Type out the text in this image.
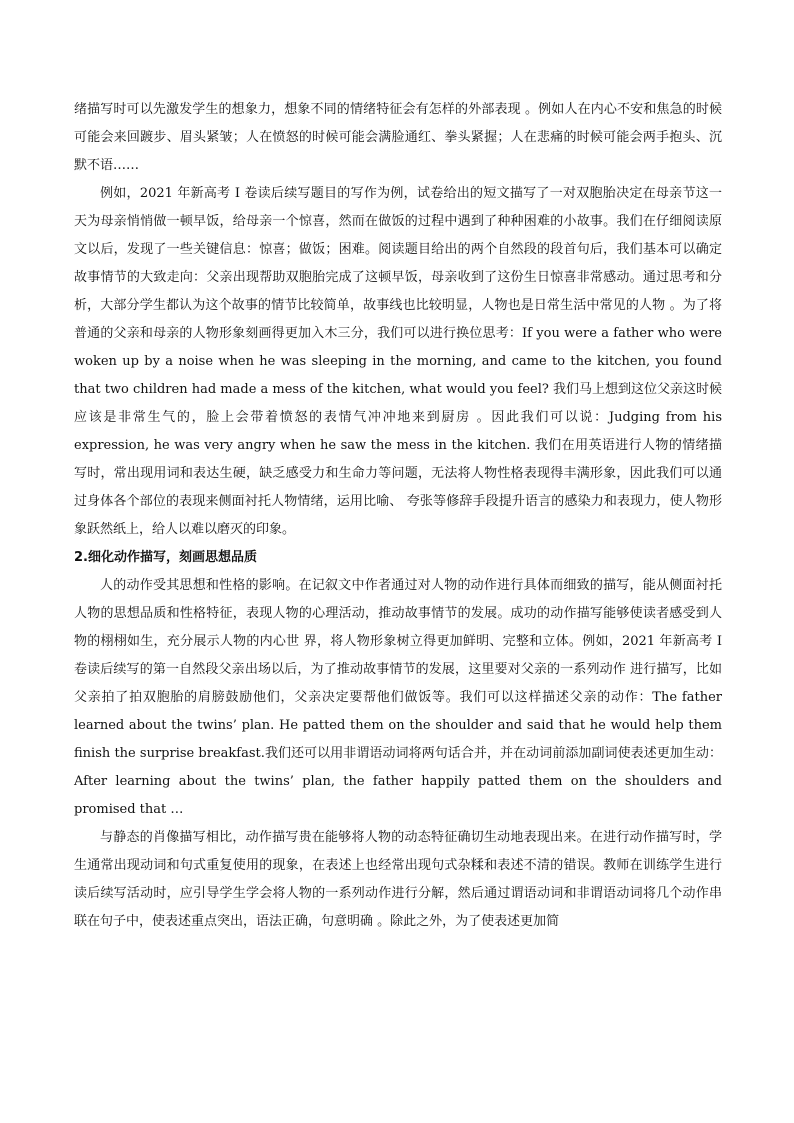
绪描写时可以先激发学生的想象力，想象不同的情绪特征会有怎样的外部表现 。例如人在内心不安和焦急的时候可能会来回踱步、眉头紧皱；人在愤怒的时候可能会满脸通红、拳头紧握；人在悲痛的时候可能会两手抱头、沉默不语……

例如，2021 年新高考 I 卷读后续写题目的写作为例，试卷给出的短文描写了一对双胞胎决定在母亲节这一天为母亲悄悄做一顿早饭，给母亲一个惊喜，然而在做饭的过程中遇到了种种困难的小故事。我们在仔细阅读原文以后，发现了一些关键信息：惊喜；做饭；困难。阅读题目给出的两个自然段的段首句后，我们基本可以确定故事情节的大致走向：父亲出现帮助双胞胎完成了这顿早饭，母亲收到了这份生日惊喜非常感动。通过思考和分析，大部分学生都认为这个故事的情节比较简单，故事线也比较明显，人物也是日常生活中常见的人物 。为了将普通的父亲和母亲的人物形象刻画得更加入木三分，我们可以进行换位思考：If you were a father who were woken up by a noise when he was sleeping in the morning, and came to the kitchen, you found that two children had made a mess of the kitchen, what would you feel? 我们马上想到这位父亲这时候应该是非常生气的，脸上会带着愤怒的表情气冲冲地来到厨房 。因此我们可以说：Judging from his expression, he was very angry when he saw the mess in the kitchen. 我们在用英语进行人物的情绪描写时，常出现用词和表达生硬，缺乏感受力和生命力等问题，无法将人物性格表现得丰满形象，因此我们可以通过身体各个部位的表现来侧面衬托人物情绪，运用比喻、 夸张等修辞手段提升语言的感染力和表现力，使人物形象跃然纸上，给人以难以磨灭的印象。

2.细化动作描写，刻画思想品质

人的动作受其思想和性格的影响。在记叙文中作者通过对人物的动作进行具体而细致的描写，能从侧面衬托人物的思想品质和性格特征，表现人物的心理活动，推动故事情节的发展。成功的动作描写能够使读者感受到人物的栩栩如生，充分展示人物的内心世 界，将人物形象树立得更加鲜明、完整和立体。例如，2021 年新高考 I 卷读后续写的第一自然段父亲出场以后，为了推动故事情节的发展，这里要对父亲的一系列动作 进行描写，比如父亲拍了拍双胞胎的肩膀鼓励他们，父亲决定要帮他们做饭等。我们可以这样描述父亲的动作：The father learned about the twins’ plan. He patted them on the shoulder and said that he would help them finish the surprise breakfast.我们还可以用非谓语动词将两句话合并，并在动词前添加副词使表述更加生动：After learning about the twins’ plan, the father happily patted them on the shoulders and promised that …

与静态的肖像描写相比，动作描写贵在能够将人物的动态特征确切生动地表现出来。在进行动作描写时，学生通常出现动词和句式重复使用的现象，在表述上也经常出现句式杂糅和表述不清的错误。教师在训练学生进行读后续写活动时，应引导学生学会将人物的一系列动作进行分解，然后通过谓语动词和非谓语动词将几个动作串联在句子中，使表述重点突出，语法正确，句意明确 。除此之外，为了使表述更加简
